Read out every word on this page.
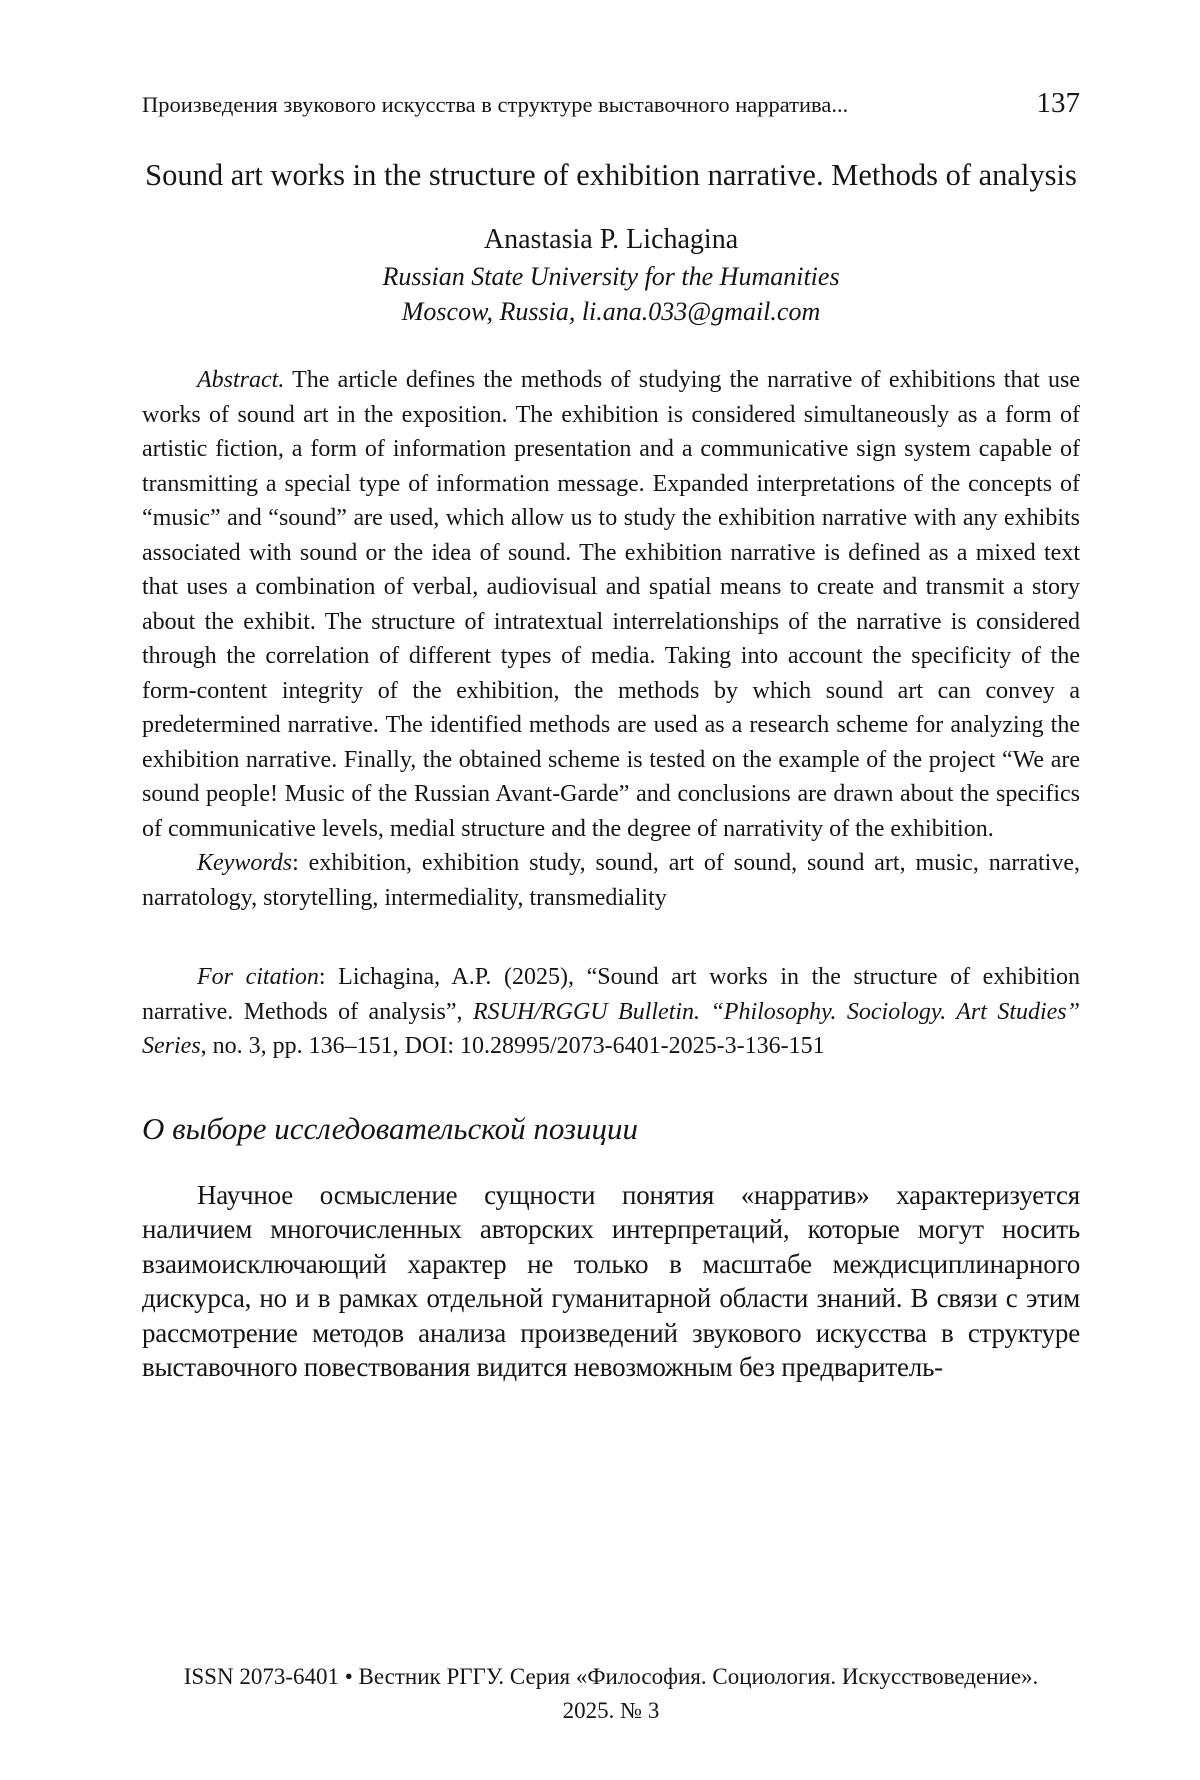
Произведения звукового искусства в структуре выставочного нарратива...	137
Sound art works in the structure of exhibition narrative. Methods of analysis
Anastasia P. Lichagina
Russian State University for the Humanities
Moscow, Russia, li.ana.033@gmail.com

Abstract. The article defines the methods of studying the narrative of exhibitions that use works of sound art in the exposition. The exhibition is considered simultaneously as a form of artistic fiction, a form of information presentation and a communicative sign system capable of transmitting a special type of information message. Expanded interpretations of the concepts of “music” and “sound” are used, which allow us to study the exhibition narrative with any exhibits associated with sound or the idea of sound. The exhibition narrative is defined as a mixed text that uses a combination of verbal, audiovisual and spatial means to create and transmit a story about the exhibit. The structure of intratextual interrelationships of the narrative is considered through the correlation of different types of media. Taking into account the specificity of the form-content integrity of the exhibition, the methods by which sound art can convey a predetermined narrative. The identified methods are used as a research scheme for analyzing the exhibition narrative. Finally, the obtained scheme is tested on the example of the project “We are sound people! Music of the Russian Avant-Garde” and conclusions are drawn about the specifics of communicative levels, medial structure and the degree of narrativity of the exhibition.

Keywords: exhibition, exhibition study, sound, art of sound, sound art, music, narrative, narratology, storytelling, intermediality, transmediality

For citation: Lichagina, A.P. (2025), “Sound art works in the structure of exhibition narrative. Methods of analysis”, RSUH/RGGU Bulletin. “Philosophy. Sociology. Art Studies” Series, no. 3, pp. 136–151, DOI: 10.28995/2073-6401-2025-3-136-151

О выборе исследовательской позиции

Научное осмысление сущности понятия «нарратив» характеризуется наличием многочисленных авторских интерпретаций, которые могут носить взаимоисключающий характер не только в масштабе междисциплинарного дискурса, но и в рамках отдельной гуманитарной области знаний. В связи с этим рассмотрение методов анализа произведений звукового искусства в структуре выставочного повествования видится невозможным без предваритель-

ISSN 2073-6401 • Вестник РГГУ. Серия «Философия. Социология. Искусствоведение».
2025. № 3
